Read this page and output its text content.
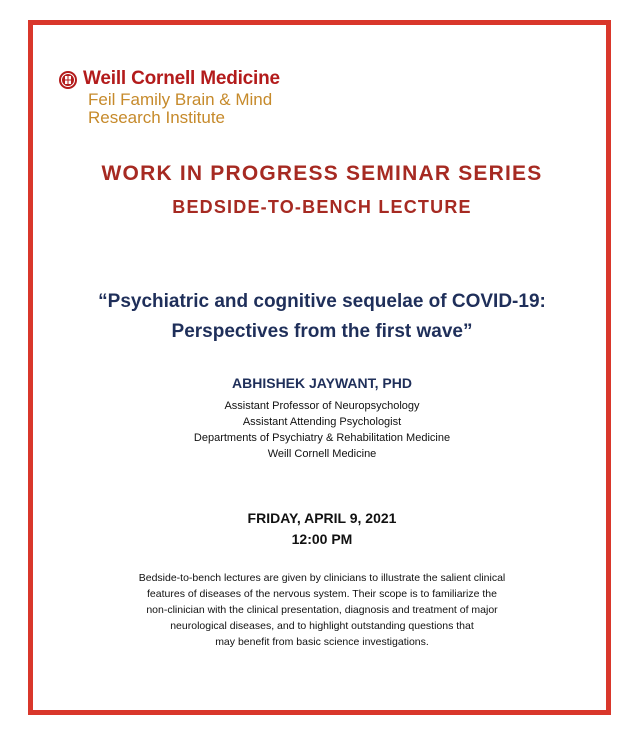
Weill Cornell Medicine
Feil Family Brain & Mind
Research Institute
WORK IN PROGRESS SEMINAR SERIES
BEDSIDE-TO-BENCH LECTURE
“Psychiatric and cognitive sequelae of COVID-19:
Perspectives from the first wave”
ABHISHEK JAYWANT, PHD
Assistant Professor of Neuropsychology
Assistant Attending Psychologist
Departments of Psychiatry & Rehabilitation Medicine
Weill Cornell Medicine
FRIDAY, APRIL 9, 2021
12:00 PM
Bedside-to-bench lectures are given by clinicians to illustrate the salient clinical
features of diseases of the nervous system. Their scope is to familiarize the
non-clinician with the clinical presentation, diagnosis and treatment of major
neurological diseases, and to highlight outstanding questions that
may benefit from basic science investigations.
